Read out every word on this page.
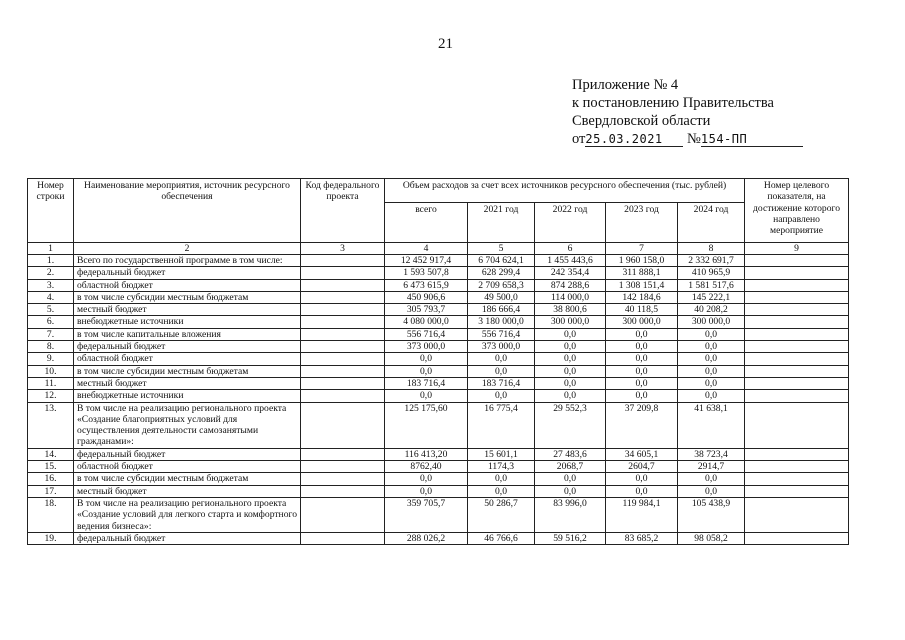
21
Приложение № 4
к постановлению Правительства
Свердловской области
от25.03.2021 №154-ПП
Номер строки	Наименование мероприятия, источник ресурсного обеспечения	Код федерального проекта	Объем расходов за счет всех источников ресурсного обеспечения (тыс. рублей)					Номер целевого показателя, на достижение которого направлено мероприятие
			всего	2021 год	2022 год	2023 год	2024 год	
1	2	3	4	5	6	7	8	9
1.	Всего по государственной программе в том числе:		12 452 917,4	6 704 624,1	1 455 443,6	1 960 158,0	2 332 691,7	
2.	федеральный бюджет		1 593 507,8	628 299,4	242 354,4	311 888,1	410 965,9	
3.	областной бюджет		6 473 615,9	2 709 658,3	874 288,6	1 308 151,4	1 581 517,6	
4.	в том числе субсидии местным бюджетам		450 906,6	49 500,0	114 000,0	142 184,6	145 222,1	
5.	местный бюджет		305 793,7	186 666,4	38 800,6	40 118,5	40 208,2	
6.	внебюджетные источники		4 080 000,0	3 180 000,0	300 000,0	300 000,0	300 000,0	
7.	в том числе капитальные вложения		556 716,4	556 716,4	0,0	0,0	0,0	
8.	федеральный бюджет		373 000,0	373 000,0	0,0	0,0	0,0	
9.	областной бюджет		0,0	0,0	0,0	0,0	0,0	
10.	в том числе субсидии местным бюджетам		0,0	0,0	0,0	0,0	0,0	
11.	местный бюджет		183 716,4	183 716,4	0,0	0,0	0,0	
12.	внебюджетные источники		0,0	0,0	0,0	0,0	0,0	
13.	В том числе на реализацию регионального проекта «Создание благоприятных условий для осуществления деятельности самозанятыми гражданами»:		125 175,60	16 775,4	29 552,3	37 209,8	41 638,1	
14.	федеральный бюджет		116 413,20	15 601,1	27 483,6	34 605,1	38 723,4	
15.	областной бюджет		8762,40	1174,3	2068,7	2604,7	2914,7	
16.	в том числе субсидии местным бюджетам		0,0	0,0	0,0	0,0	0,0	
17.	местный бюджет		0,0	0,0	0,0	0,0	0,0	
18.	В том числе на реализацию регионального проекта «Создание условий для легкого старта и комфортного ведения бизнеса»:		359 705,7	50 286,7	83 996,0	119 984,1	105 438,9	
19.	федеральный бюджет		288 026,2	46 766,6	59 516,2	83 685,2	98 058,2	
